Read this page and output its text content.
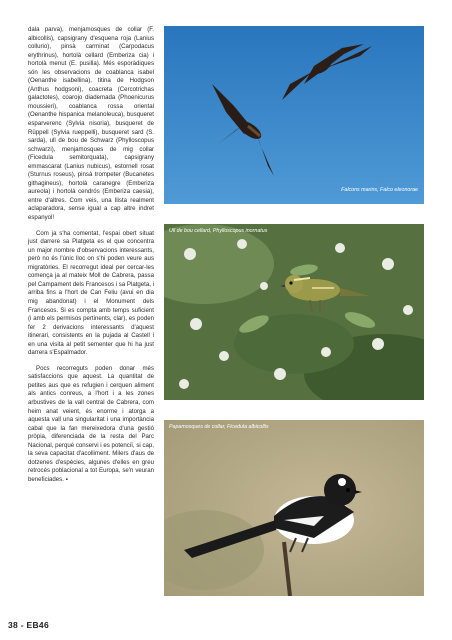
dala parva), menjamosques de collar (F. albicollis), capsigrany d'esquena roja (Lanius collurio), pinsà carminat (Carpodacus erythrinus), hortolà cellard (Emberiza cia) i hortolà menut (E. pusilla). Més esporàdiques són les observacions de coablanca isabel (Oenanthe isabellina), titina de Hodgson (Anthus hodgsoni), coacreta (Cercotrichas galactotes), coarojo diademada (Phoenicurus moussieri), coablanca rossa oriental (Oenanthe hispanica melanoleuca), busqueret esparverenc (Sylvia nisoria), busqueret de Rüppell (Sylvia rueppelli), busqueret sard (S. sarda), ull de bou de Schwarz (Phylloscopus schwarzi), menjamosques de mig collar (Ficedula semitorquata), capsigrany emmascarat (Lanius nubicus), estornell rosat (Sturnus roseus), pinsà trompeter (Bucanetes githagineus), hortolà caranegre (Emberiza aureola) i hortolà cendrós (Emberiza caesia), entre d'altres. Com veis, una llista realment aclaparadora, sense igual a cap altre indret espanyol!

Com ja s'ha comentat, l'espai obert situat just darrere sa Platgeta es el que concentra un major nombre d'observacions interessants, però no és l'únic lloc on s'hi poden veure aus migratòries. El recorregut ideal per cercar-les comença ja al mateix Moll de Cabrera, passa pel Campament dels Francesos i sa Platgeta, i arriba fins a l'hort de Can Feliu (avui en dia mig abandonat) i el Monument dels Francesos. Si es compta amb temps suficient (i amb els permisos pertinents, clar), es poden fer 2 derivacions interessants d'aquest itinerari, consistents en la pujada al Castell i en una visita al petit sementer que hi ha just darrera s'Espalmador.

Pocs recorreguts poden donar més satisfaccions que aquest. La quantitat de petites aus que es refugien i cerquen aliment als antics conreus, a l'hort i a les zones arbustives de la vall central de Cabrera, com heim anat veient, és enorme i atorga a aquesta vall una singularitat i una importància cabal que la fan mereixedora d'una gestió pròpia, diferenciada de la resta del Parc Nacional, perquè conservi i es potenciï, si cap, la seva capacitat d'acolliment. Milers d'aus de dotzenes d'espècies, algunes d'elles en greu retrocés poblacional a tot Europa, se'n veuran beneficiades. ▪

Falcons marins, Falco eleonorae
Ull de bou cellard, Phylloscopus inornatus
Papamosques de collar, Ficedula albicollis
38 - EB46
